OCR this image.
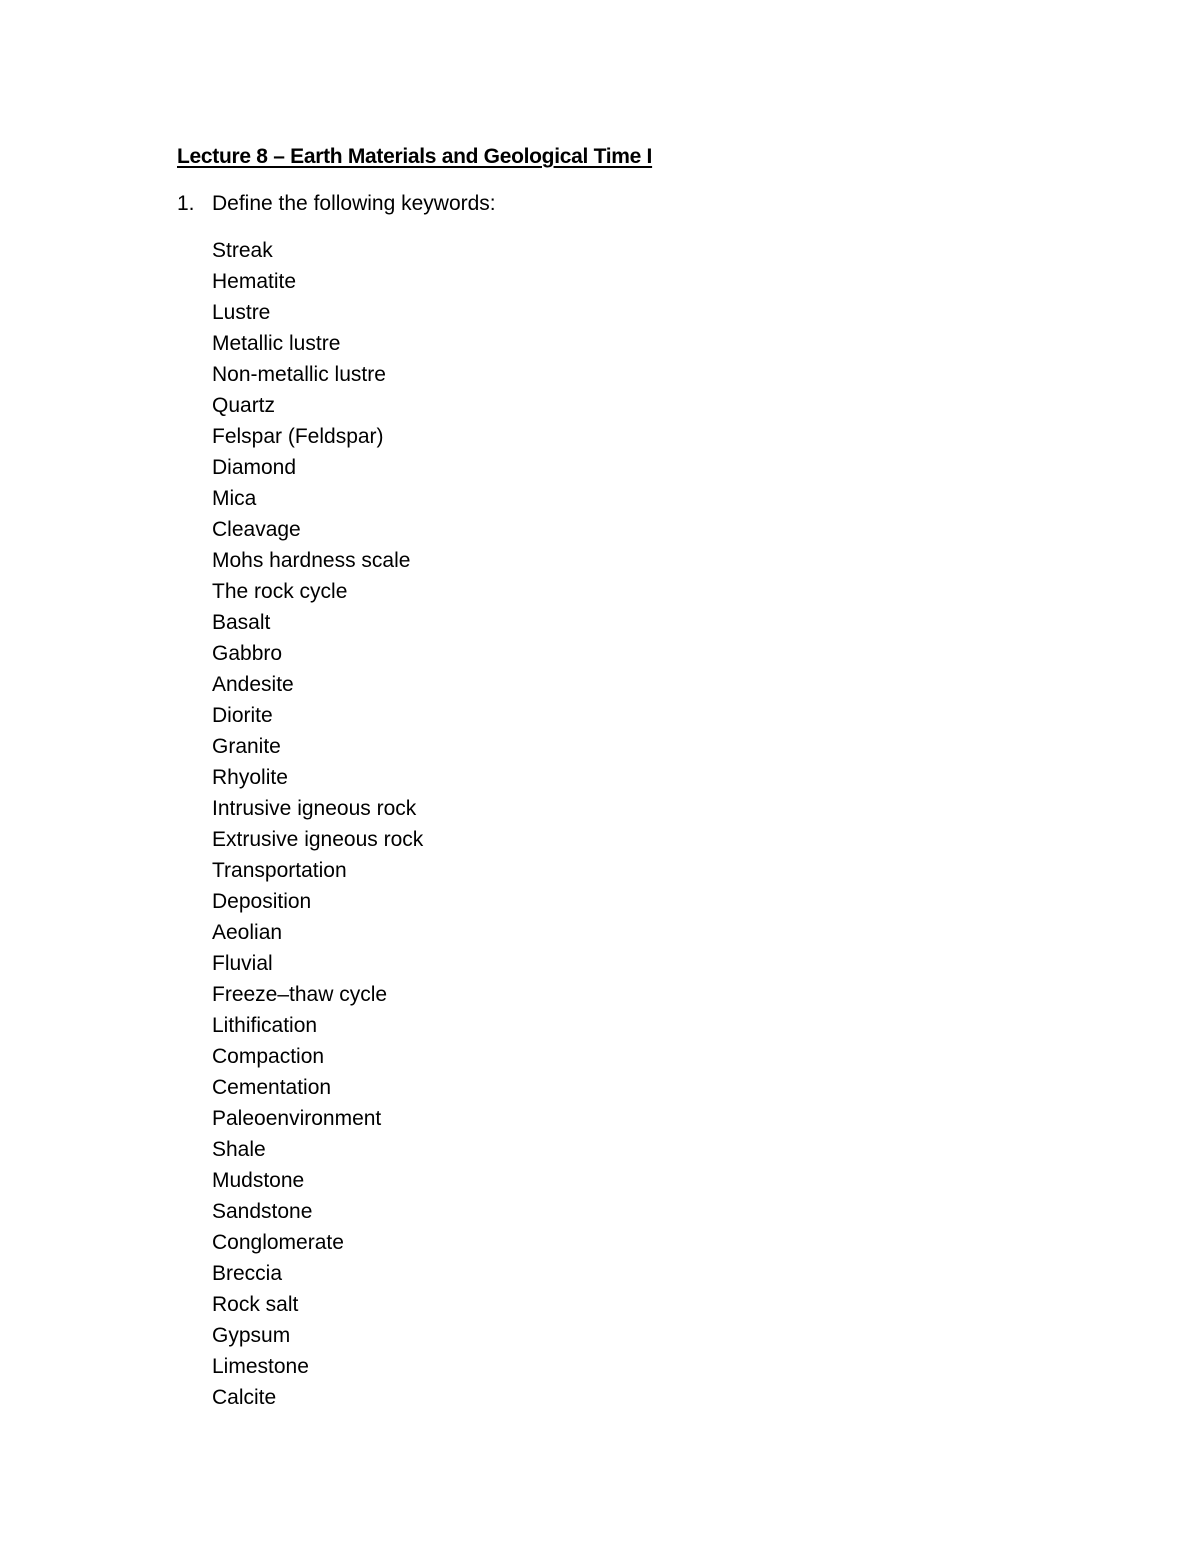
Lecture 8 – Earth Materials and Geological Time I
1. Define the following keywords:
Streak
Hematite
Lustre
Metallic lustre
Non-metallic lustre
Quartz
Felspar (Feldspar)
Diamond
Mica
Cleavage
Mohs hardness scale
The rock cycle
Basalt
Gabbro
Andesite
Diorite
Granite
Rhyolite
Intrusive igneous rock
Extrusive igneous rock
Transportation
Deposition
Aeolian
Fluvial
Freeze–thaw cycle
Lithification
Compaction
Cementation
Paleoenvironment
Shale
Mudstone
Sandstone
Conglomerate
Breccia
Rock salt
Gypsum
Limestone
Calcite
